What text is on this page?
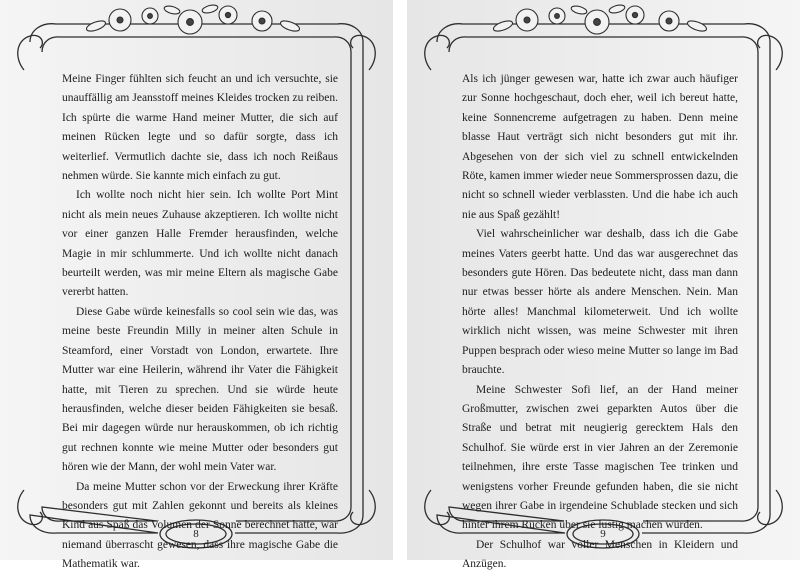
Meine Finger fühlten sich feucht an und ich versuchte, sie unauffällig am Jeansstoff meines Kleides trocken zu reiben. Ich spürte die warme Hand meiner Mutter, die sich auf meinen Rücken legte und so dafür sorgte, dass ich weiterlief. Vermutlich dachte sie, dass ich noch Reißaus nehmen würde. Sie kannte mich einfach zu gut.

Ich wollte noch nicht hier sein. Ich wollte Port Mint nicht als mein neues Zuhause akzeptieren. Ich wollte nicht vor einer ganzen Halle Fremder herausfinden, welche Magie in mir schlummerte. Und ich wollte nicht danach beurteilt werden, was mir meine Eltern als magische Gabe vererbt hatten.

Diese Gabe würde keinesfalls so cool sein wie das, was meine beste Freundin Milly in meiner alten Schule in Steamford, einer Vorstadt von London, erwartete. Ihre Mutter war eine Heilerin, während ihr Vater die Fähigkeit hatte, mit Tieren zu sprechen. Und sie würde heute herausfinden, welche dieser beiden Fähigkeiten sie besaß. Bei mir dagegen würde nur herauskommen, ob ich richtig gut rechnen konnte wie meine Mutter oder besonders gut hören wie der Mann, der wohl mein Vater war.

Da meine Mutter schon vor der Erweckung ihrer Kräfte besonders gut mit Zahlen gekonnt und bereits als kleines Kind aus Spaß das Volumen der Sonne berechnet hatte, war niemand überrascht gewesen, dass ihre magische Gabe die Mathematik war.

8

Als ich jünger gewesen war, hatte ich zwar auch häufiger zur Sonne hochgeschaut, doch eher, weil ich bereut hatte, keine Sonnencreme aufgetragen zu haben. Denn meine blasse Haut verträgt sich nicht besonders gut mit ihr. Abgesehen von der sich viel zu schnell entwickelnden Röte, kamen immer wieder neue Sommersprossen dazu, die nicht so schnell wieder verblassten. Und die habe ich auch nie aus Spaß gezählt!

Viel wahrscheinlicher war deshalb, dass ich die Gabe meines Vaters geerbt hatte. Und das war ausgerechnet das besonders gute Hören. Das bedeutete nicht, dass man dann nur etwas besser hörte als andere Menschen. Nein. Man hörte alles! Manchmal kilometerweit. Und ich wollte wirklich nicht wissen, was meine Schwester mit ihren Puppen besprach oder wieso meine Mutter so lange im Bad brauchte.

Meine Schwester Sofi lief, an der Hand meiner Großmutter, zwischen zwei geparkten Autos über die Straße und betrat mit neugierig gerecktem Hals den Schulhof. Sie würde erst in vier Jahren an der Zeremonie teilnehmen, ihre erste Tasse magischen Tee trinken und wenigstens vorher Freunde gefunden haben, die sie nicht wegen ihrer Gabe in irgendeine Schublade stecken und sich hinter ihrem Rücken über sie lustig machen würden.

Der Schulhof war voller Menschen in Kleidern und Anzügen.

9
